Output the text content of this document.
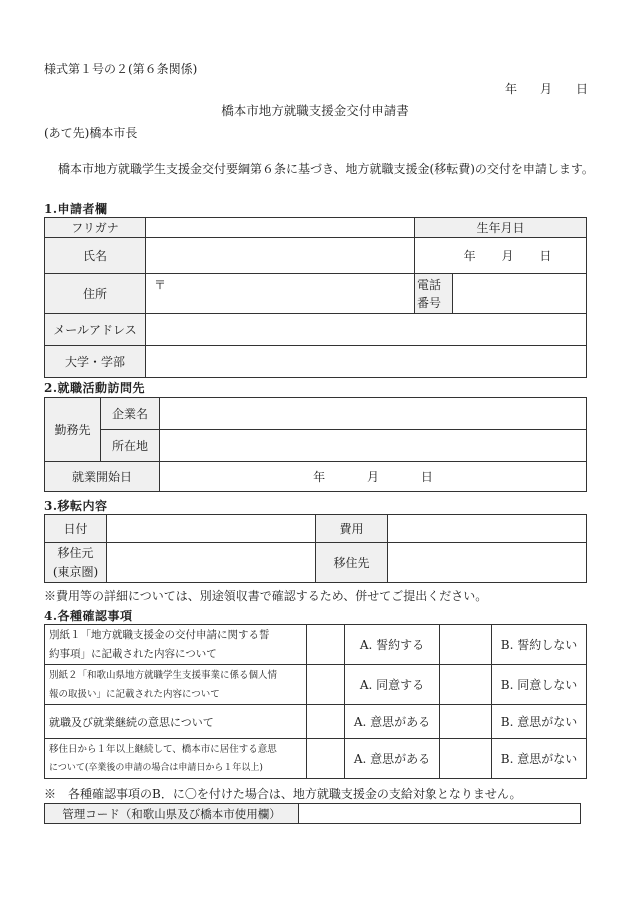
様式第１号の２(第６条関係)
年 月 日
橋本市地方就職支援金交付申請書
(あて先)橋本市長
橋本市地方就職学生支援金交付要綱第６条に基づき、地方就職支援金(移転費)の交付を申請します。
1.申請者欄
フリガナ		生年月日	
氏名		年 月 日	
住所	〒	電話
番号	

メールアドレス			
大学・学部			
2.就職活動訪問先
勤務先	企業名	
	所在地	
就業開始日		年 月 日
3.移転内容
日付		費用	

移住元
(東京圏)		移住先	
※費用等の詳細については、別途領収書で確認するため、併せてご提出ください。
4.各種確認事項
別紙１「地方就職支援金の交付申請に関する誓
約事項」に記載された内容について		A. 誓約する		B. 誓約しない

別紙２「和歌山県地方就職学生支援事業に係る個人情
報の取扱い」に記載された内容について		A. 同意する		B. 同意しない
就職及び就業継続の意思について		A. 意思がある		B. 意思がない

移住日から１年以上継続して、橋本市に居住する意思
について(卒業後の申請の場合は申請日から１年以上)		A. 意思がある		B. 意思がない
※　各種確認事項のB．に〇を付けた場合は、地方就職支援金の支給対象となりません。
管理コード（和歌山県及び橋本市使用欄）	
